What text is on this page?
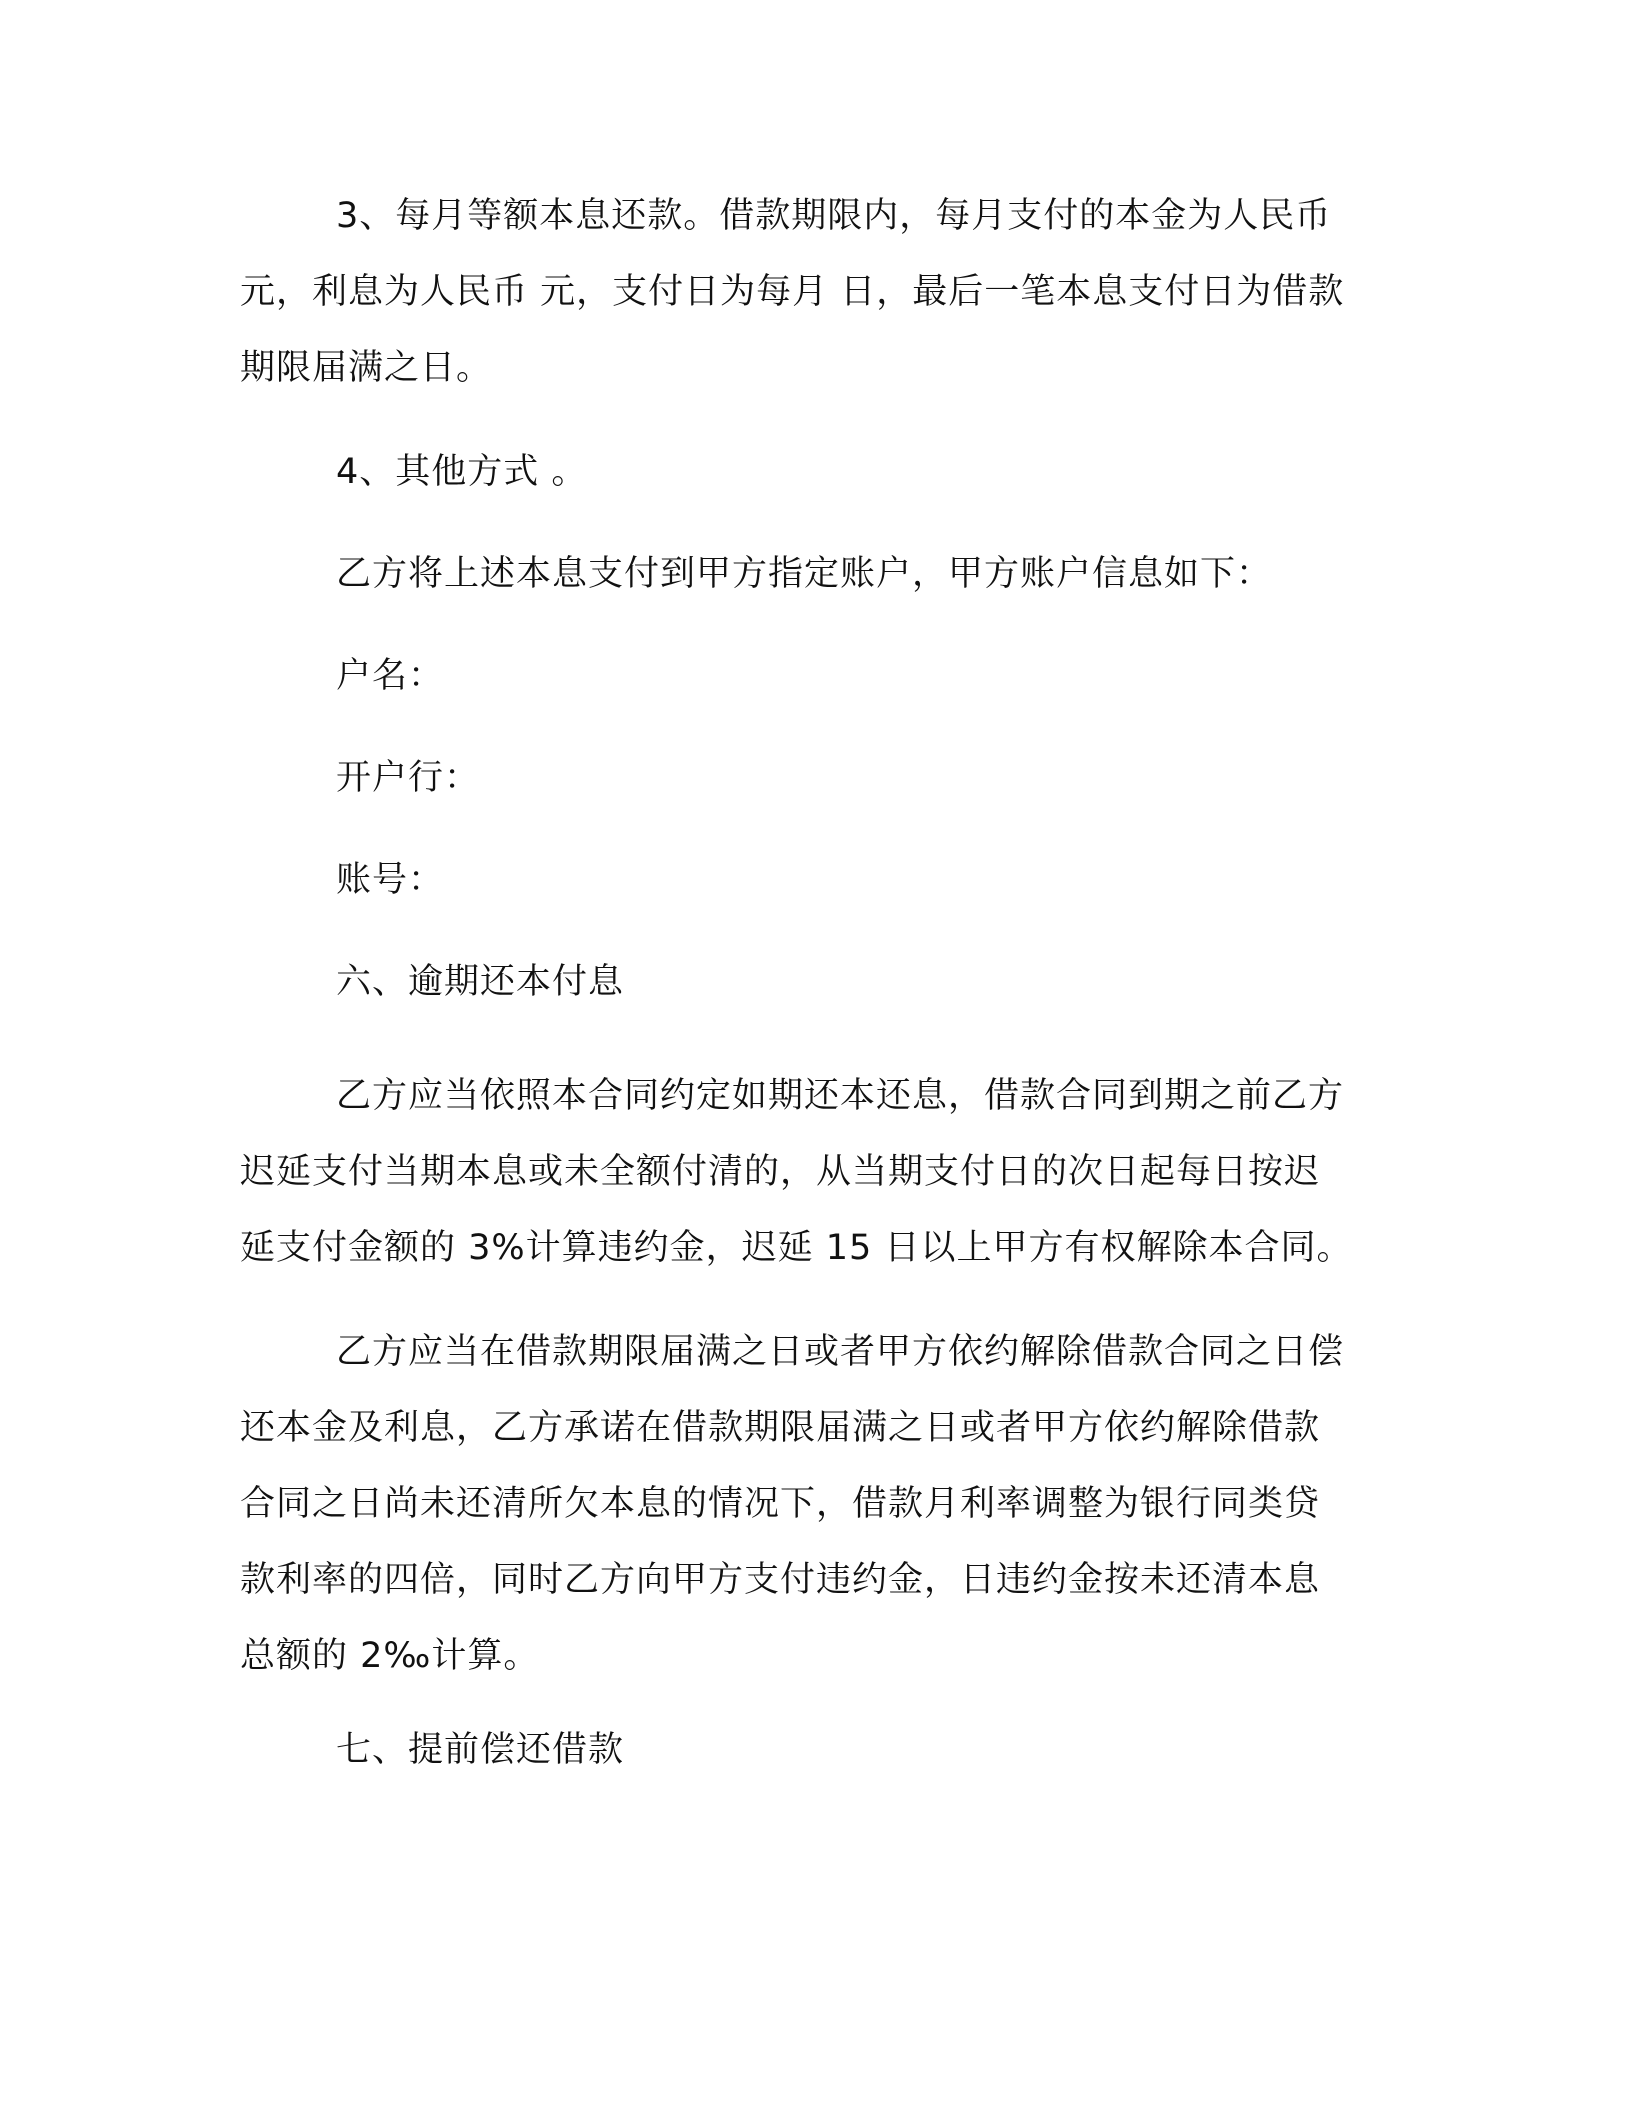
3、每月等额本息还款。借款期限内，每月支付的本金为人民币
元，利息为人民币 元，支付日为每月 日，最后一笔本息支付日为借款
期限届满之日。

4、其他方式 。

乙方将上述本息支付到甲方指定账户，甲方账户信息如下：

户名：

开户行：

账号：

六、逾期还本付息

乙方应当依照本合同约定如期还本还息，借款合同到期之前乙方
迟延支付当期本息或未全额付清的，从当期支付日的次日起每日按迟
延支付金额的 3%计算违约金，迟延 15 日以上甲方有权解除本合同。

乙方应当在借款期限届满之日或者甲方依约解除借款合同之日偿
还本金及利息，乙方承诺在借款期限届满之日或者甲方依约解除借款
合同之日尚未还清所欠本息的情况下，借款月利率调整为银行同类贷
款利率的四倍，同时乙方向甲方支付违约金，日违约金按未还清本息
总额的 2‰计算。

七、提前偿还借款
